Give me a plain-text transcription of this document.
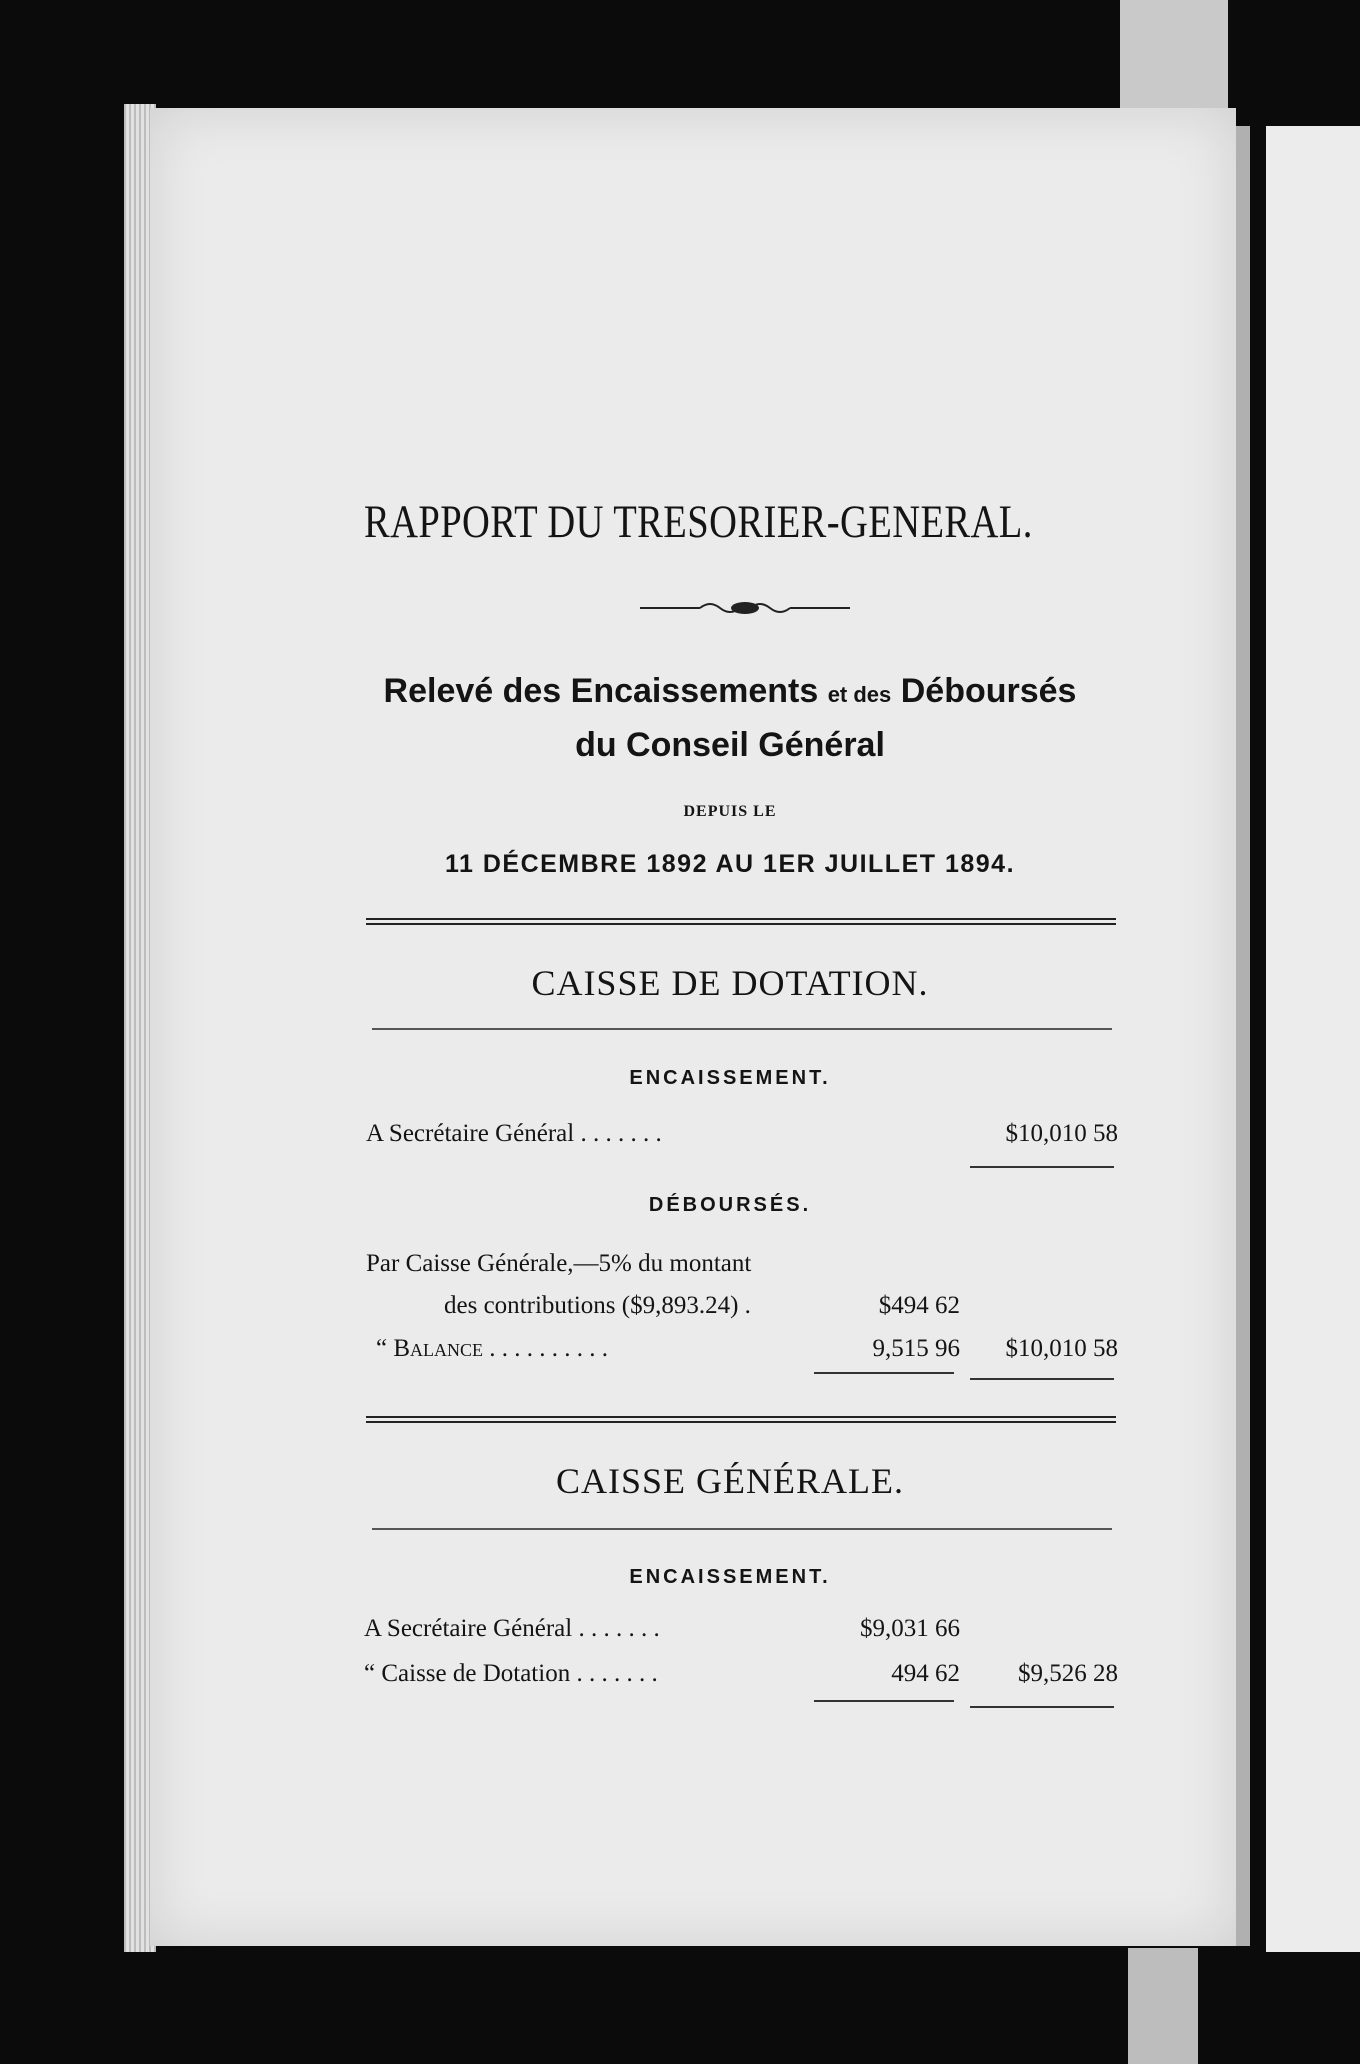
RAPPORT DU TRESORIER-GENERAL.
Relevé des Encaissements et des Déboursés
du Conseil Général
DEPUIS LE
11 DÉCEMBRE 1892 AU 1ER JUILLET 1894.
CAISSE DE DOTATION.
ENCAISSEMENT.
A Secrétaire Général . . . . . . .	$10,010 58
DÉBOURSÉS.
Par Caisse Générale,—5% du montant
des contributions ($9,893.24) .	$494 62
“ Balance . . . . . . . . . .	9,515 96	$10,010 58
CAISSE GÉNÉRALE.
ENCAISSEMENT.
A Secrétaire Général . . . . . . .	$9,031 66
“ Caisse de Dotation . . . . . . .	494 62	$9,526 28
